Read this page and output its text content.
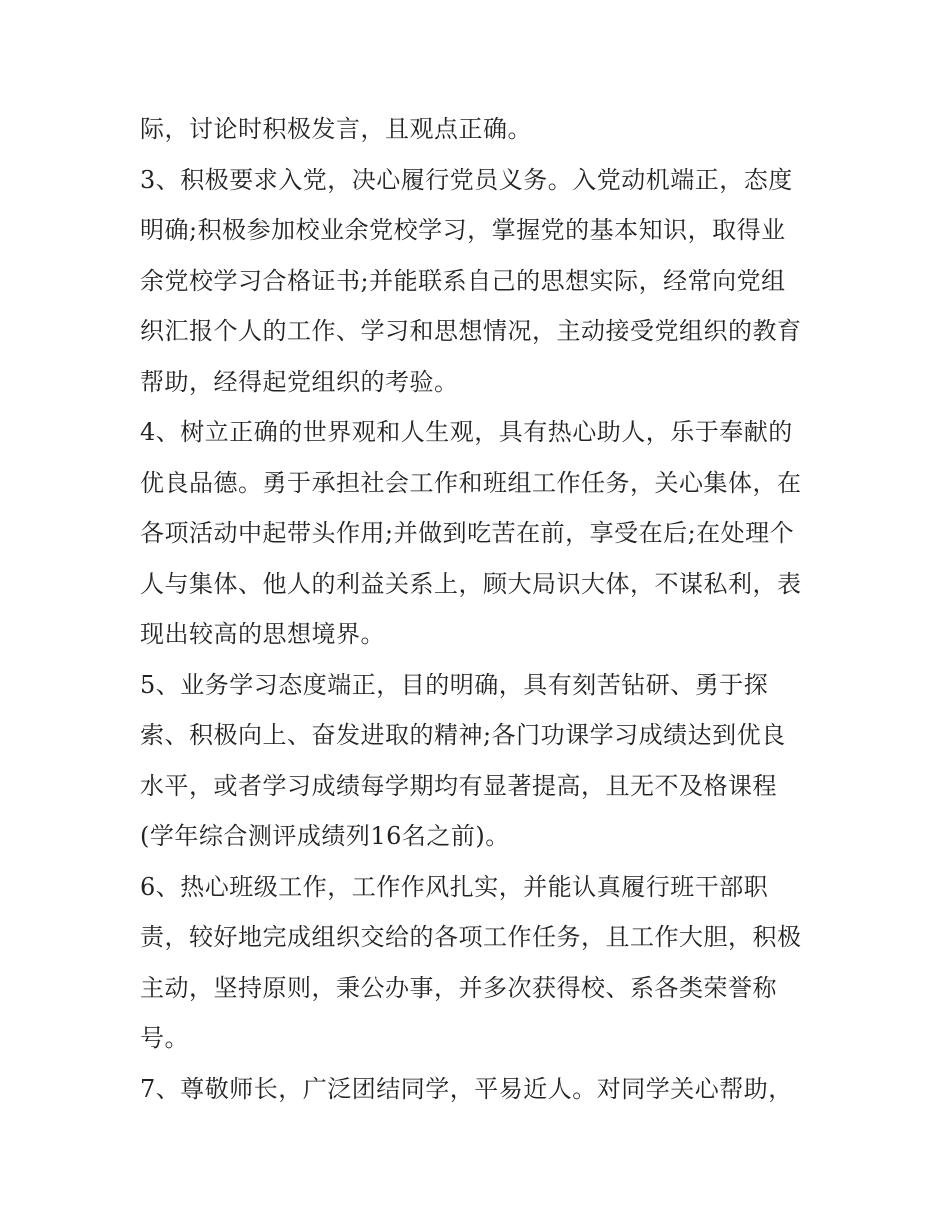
际，讨论时积极发言，且观点正确。
3、积极要求入党，决心履行党员义务。入党动机端正，态度
明确;积极参加校业余党校学习，掌握党的基本知识，取得业
余党校学习合格证书;并能联系自己的思想实际，经常向党组
织汇报个人的工作、学习和思想情况，主动接受党组织的教育
帮助，经得起党组织的考验。
4、树立正确的世界观和人生观，具有热心助人，乐于奉献的
优良品德。勇于承担社会工作和班组工作任务，关心集体，在
各项活动中起带头作用;并做到吃苦在前，享受在后;在处理个
人与集体、他人的利益关系上，顾大局识大体，不谋私利，表
现出较高的思想境界。
5、业务学习态度端正，目的明确，具有刻苦钻研、勇于探
索、积极向上、奋发进取的精神;各门功课学习成绩达到优良
水平，或者学习成绩每学期均有显著提高，且无不及格课程
(学年综合测评成绩列16名之前)。
6、热心班级工作，工作作风扎实，并能认真履行班干部职
责，较好地完成组织交给的各项工作任务，且工作大胆，积极
主动，坚持原则，秉公办事，并多次获得校、系各类荣誉称
号。
7、尊敬师长，广泛团结同学，平易近人。对同学关心帮助，
